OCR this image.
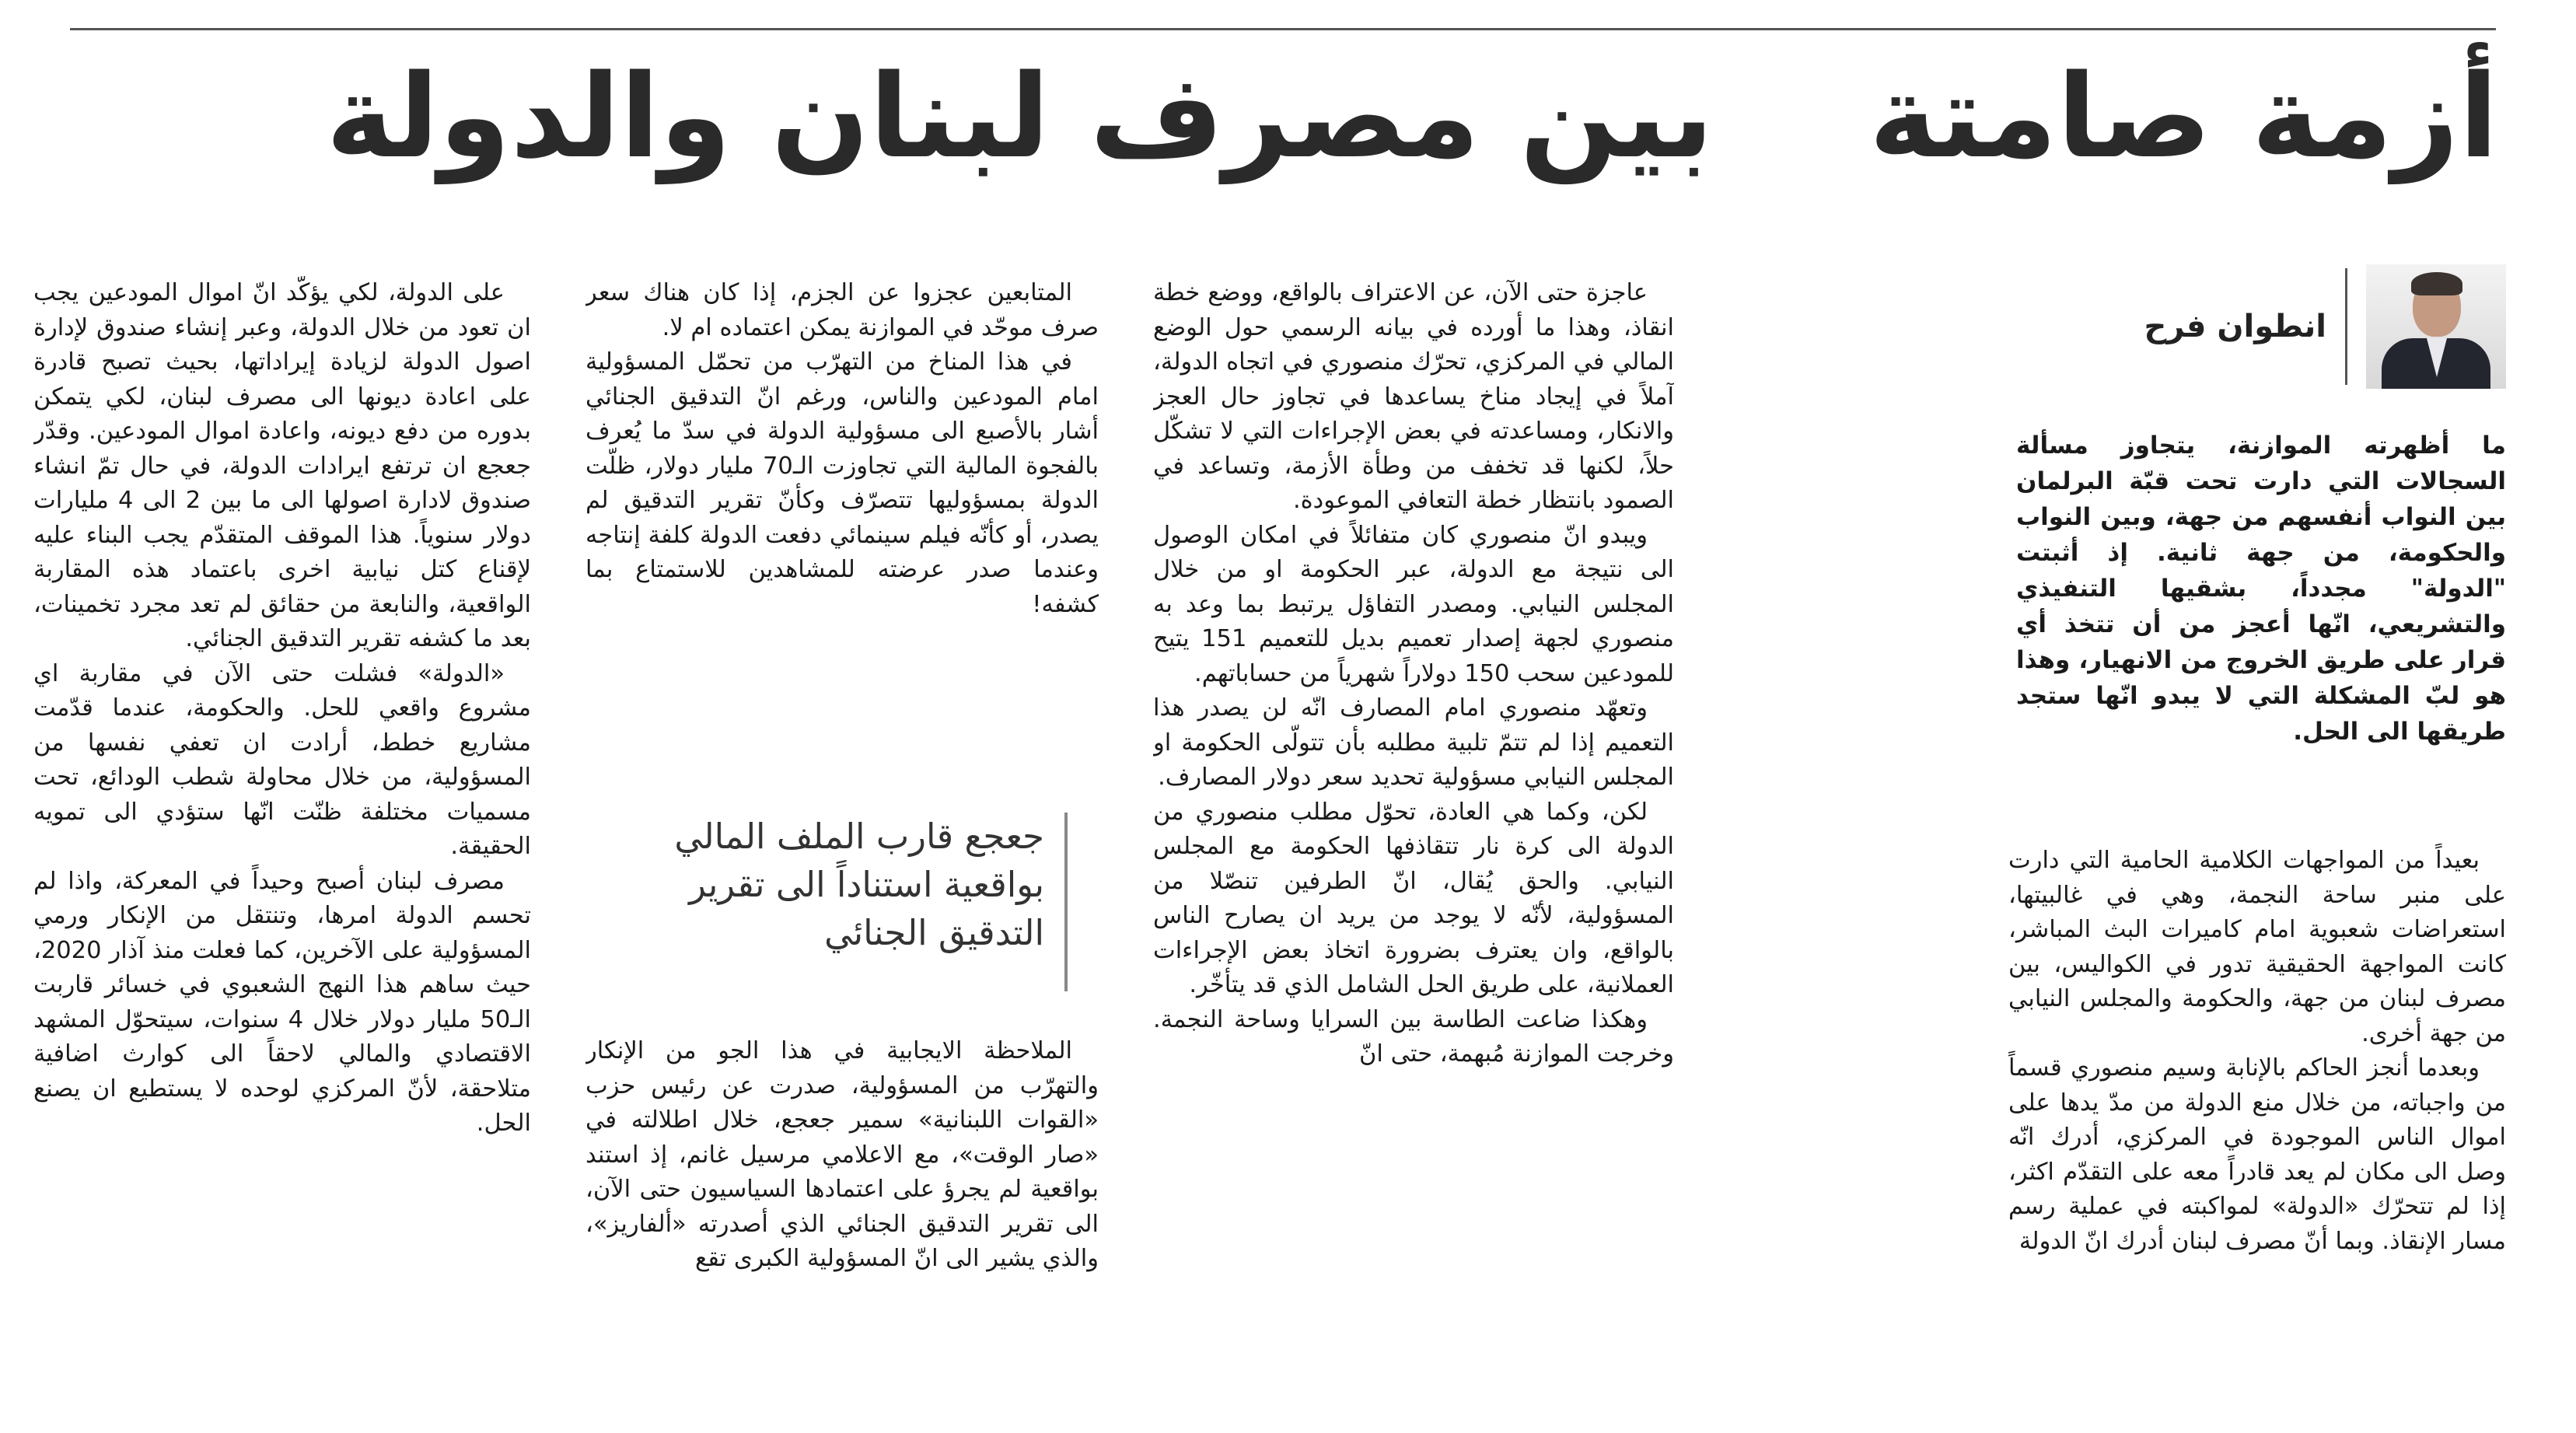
أزمة صامتة
بين مصرف لبنان والدولة
انطوان فرح
ما أظهرته الموازنة، يتجاوز مسألة السجالات التي دارت تحت قبّة البرلمان بين النواب أنفسهم من جهة، وبين النواب والحكومة، من جهة ثانية. إذ أثبتت "الدولة" مجدداً، بشقيها التنفيذي والتشريعي، انّها أعجز من أن تتخذ أي قرار على طريق الخروج من الانهيار، وهذا هو لبّ المشكلة التي لا يبدو انّها ستجد طريقها الى الحل.

بعيداً من المواجهات الكلامية الحامية التي دارت على منبر ساحة النجمة، وهي في غالبيتها، استعراضات شعبوية امام كاميرات البث المباشر، كانت المواجهة الحقيقية تدور في الكواليس، بين مصرف لبنان من جهة، والحكومة والمجلس النيابي من جهة أخرى.

وبعدما أنجز الحاكم بالإنابة وسيم منصوري قسماً من واجباته، من خلال منع الدولة من مدّ يدها على اموال الناس الموجودة في المركزي، أدرك انّه وصل الى مكان لم يعد قادراً معه على التقدّم اكثر، إذا لم تتحرّك «الدولة» لمواكبته في عملية رسم مسار الإنقاذ. وبما أنّ مصرف لبنان أدرك انّ الدولة

عاجزة حتى الآن، عن الاعتراف بالواقع، ووضع خطة انقاذ، وهذا ما أورده في بيانه الرسمي حول الوضع المالي في المركزي، تحرّك منصوري في اتجاه الدولة، آملاً في إيجاد مناخ يساعدها في تجاوز حال العجز والانكار، ومساعدته في بعض الإجراءات التي لا تشكّل حلاً، لكنها قد تخفف من وطأة الأزمة، وتساعد في الصمود بانتظار خطة التعافي الموعودة.

ويبدو انّ منصوري كان متفائلاً في امكان الوصول الى نتيجة مع الدولة، عبر الحكومة او من خلال المجلس النيابي. ومصدر التفاؤل يرتبط بما وعد به منصوري لجهة إصدار تعميم بديل للتعميم 151 يتيح للمودعين سحب 150 دولاراً شهرياً من حساباتهم.

وتعهّد منصوري امام المصارف انّه لن يصدر هذا التعميم إذا لم تتمّ تلبية مطلبه بأن تتولّى الحكومة او المجلس النيابي مسؤولية تحديد سعر دولار المصارف.

لكن، وكما هي العادة، تحوّل مطلب منصوري من الدولة الى كرة نار تتقاذفها الحكومة مع المجلس النيابي. والحق يُقال، انّ الطرفين تنصّلا من المسؤولية، لأنّه لا يوجد من يريد ان يصارح الناس بالواقع، وان يعترف بضرورة اتخاذ بعض الإجراءات العملانية، على طريق الحل الشامل الذي قد يتأخّر.

وهكذا ضاعت الطاسة بين السرايا وساحة النجمة. وخرجت الموازنة مُبهمة، حتى انّ

المتابعين عجزوا عن الجزم، إذا كان هناك سعر صرف موحّد في الموازنة يمكن اعتماده ام لا.

في هذا المناخ من التهرّب من تحمّل المسؤولية امام المودعين والناس، ورغم انّ التدقيق الجنائي أشار بالأصبع الى مسؤولية الدولة في سدّ ما يُعرف بالفجوة المالية التي تجاوزت الـ70 مليار دولار، ظلّت الدولة بمسؤوليها تتصرّف وكأنّ تقرير التدقيق لم يصدر، أو كأنّه فيلم سينمائي دفعت الدولة كلفة إنتاجه وعندما صدر عرضته للمشاهدين للاستمتاع بما كشفه!

جعجع قارب الملف المالي بواقعية استناداً الى تقرير التدقيق الجنائي

الملاحظة الايجابية في هذا الجو من الإنكار والتهرّب من المسؤولية، صدرت عن رئيس حزب «القوات اللبنانية» سمير جعجع، خلال اطلالته في «صار الوقت»، مع الاعلامي مرسيل غانم، إذ استند بواقعية لم يجرؤ على اعتمادها السياسيون حتى الآن، الى تقرير التدقيق الجنائي الذي أصدرته «ألفاريز»، والذي يشير الى انّ المسؤولية الكبرى تقع

على الدولة، لكي يؤكّد انّ اموال المودعين يجب ان تعود من خلال الدولة، وعبر إنشاء صندوق لإدارة اصول الدولة لزيادة إيراداتها، بحيث تصبح قادرة على اعادة ديونها الى مصرف لبنان، لكي يتمكن بدوره من دفع ديونه، واعادة اموال المودعين. وقدّر جعجع ان ترتفع ايرادات الدولة، في حال تمّ انشاء صندوق لادارة اصولها الى ما بين 2 الى 4 مليارات دولار سنوياً. هذا الموقف المتقدّم يجب البناء عليه لإقناع كتل نيابية اخرى باعتماد هذه المقاربة الواقعية، والنابعة من حقائق لم تعد مجرد تخمينات، بعد ما كشفه تقرير التدقيق الجنائي.

«الدولة» فشلت حتى الآن في مقاربة اي مشروع واقعي للحل. والحكومة، عندما قدّمت مشاريع خطط، أرادت ان تعفي نفسها من المسؤولية، من خلال محاولة شطب الودائع، تحت مسميات مختلفة ظنّت انّها ستؤدي الى تمويه الحقيقة.

مصرف لبنان أصبح وحيداً في المعركة، واذا لم تحسم الدولة امرها، وتنتقل من الإنكار ورمي المسؤولية على الآخرين، كما فعلت منذ آذار 2020، حيث ساهم هذا النهج الشعبوي في خسائر قاربت الـ50 مليار دولار خلال 4 سنوات، سيتحوّل المشهد الاقتصادي والمالي لاحقاً الى كوارث اضافية متلاحقة، لأنّ المركزي لوحده لا يستطيع ان يصنع الحل.
